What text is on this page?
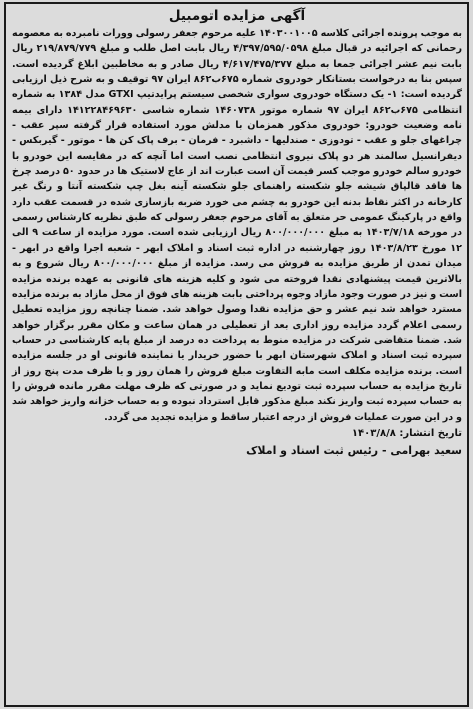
آگهی مزایده اتومبیل

به موجب پرونده اجرائی کلاسه ۱۴۰۳۰۰۱۰۰۵ علیه مرحوم جعفر رسولی وورات نامبرده به معصومه رحمانی که اجرائیه در قبال مبلغ ۴/۳۹۷/۵۹۵/۰۵۹۸ ریال بابت اصل طلب و مبلغ ۲۱۹/۸۷۹/۷۷۹ ریال بابت نیم عشر اجرائی جمعا به مبلغ ۴/۶۱۷/۴۷۵/۳۷۷ ریال صادر و به مخاطبین ابلاغ گردیده است. سپس بنا به درخواست بستانکار خودروی شماره ۶۷۵ب۸۶۲ ایران ۹۷ توقیف و به شرح ذیل ارزیابی گردیده است: ۱- یک دستگاه خودروی سواری شخصی سیستم پرایدتیپ GTXI مدل ۱۳۸۴ به شماره انتظامی ۶۷۵ب۸۶۲ ایران ۹۷ شماره موتور ۱۴۶۰۷۳۸ شماره شاسی ۱۴۱۲۲۸۴۶۹۶۳۰ دارای بیمه نامه وضعیت خودرو: خودروی مذکور همزمان با مدلش مورد استفاده قرار گرفته سپر عقب - چراغهای جلو و عقب - تودوزی - صندلیها - داشبرد - فرمان - برف پاک کن ها - موتور - گیربکس - دیفرانسیل سالمند هر دو پلاک نیروی انتظامی نصب است اما آنچه که در مقایسه این خودرو با خودرو سالم خودرو موجب کسر قیمت آن است عبارت اند از عاج لاستیک ها در حدود ۵۰ درصد چرخ ها فاقد قالپاق شیشه جلو شکسته راهنمای جلو شکسته آینه بغل چپ شکسته آنتا و رنگ غیر کارخانه در اکثر نقاط بدنه این خودرو به چشم می خورد ضربه بازسازی شده در قسمت عقب دارد واقع در پارکینگ عمومی حر متعلق به آقای مرحوم جعفر رسولی که طبق نظریه کارشناس رسمی در مورخه ۱۴۰۳/۷/۱۸ به مبلغ ۸۰۰/۰۰۰/۰۰۰ ریال ارزیابی شده است. مورد مزایده از ساعت ۹ الی ۱۲ مورخ ۱۴۰۳/۸/۲۳ روز چهارشنبه در اداره ثبت اسناد و املاک ابهر - شعبه اجرا واقع در ابهر - میدان تمدن از طریق مزایده به فروش می رسد. مزایده از مبلغ ۸۰۰/۰۰۰/۰۰۰ ریال شروع و به بالاترین قیمت پیشنهادی نقدا فروخته می شود و کلیه هزینه های قانونی به عهده برنده مزایده است و نیز در صورت وجود مازاد وجوه پرداختی بابت هزینه های فوق از محل مازاد به برنده مزایده مسترد خواهد شد نیم عشر و حق مزایده نقدا وصول خواهد شد. ضمنا چنانچه روز مزایده تعطیل رسمی اعلام گردد مزایده روز اداری بعد از تعطیلی در همان ساعت و مکان مقرر برگزار خواهد شد. ضمنا متقاضی شرکت در مزایده منوط به پرداخت ده درصد از مبلغ پایه کارشناسی در حساب سپرده ثبت اسناد و املاک شهرستان ابهر با حضور خریدار یا نماینده قانونی او در جلسه مزایده است. برنده مزایده مکلف است مابه التفاوت مبلغ فروش را همان روز و یا ظرف مدت پنج روز از تاریخ مزایده به حساب سپرده ثبت تودیع نماید و در صورتی که ظرف مهلت مقرر مانده فروش را به حساب سپرده ثبت واریز نکند مبلغ مذکور قابل استرداد نبوده و به حساب خزانه واریز خواهد شد و در این صورت عملیات فروش از درجه اعتبار ساقط و مزایده تجدید می گردد.

تاریخ انتشار: ۱۴۰۳/۸/۸
سعید بهرامی - رئیس ثبت اسناد و املاک
